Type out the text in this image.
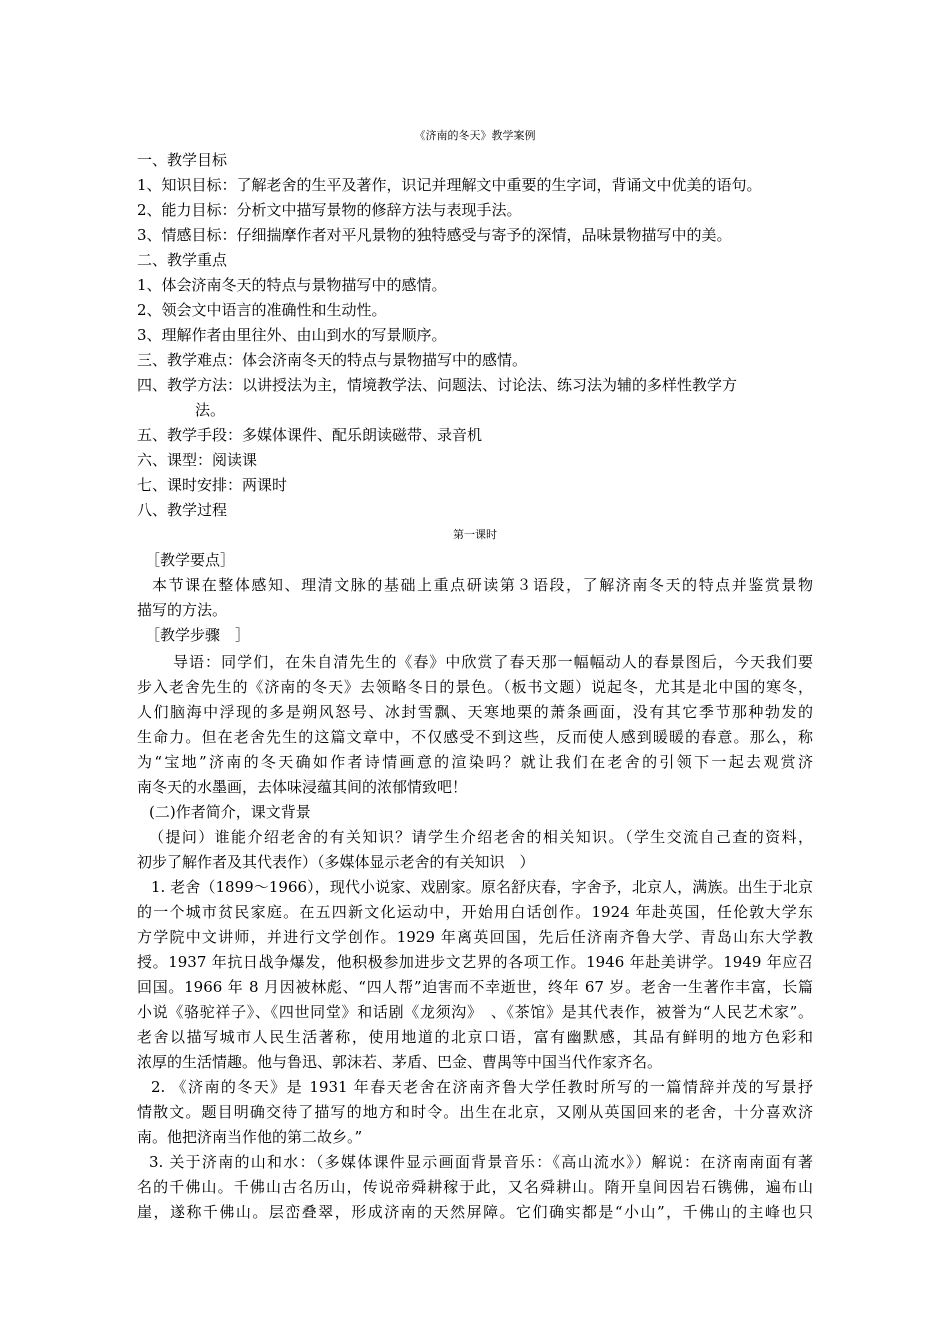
《济南的冬天》教学案例
一、教学目标
1、知识目标：了解老舍的生平及著作，识记并理解文中重要的生字词，背诵文中优美的语句。
2、能力目标：分析文中描写景物的修辞方法与表现手法。
3、情感目标：仔细揣摩作者对平凡景物的独特感受与寄予的深情，品味景物描写中的美。
二、教学重点
1、体会济南冬天的特点与景物描写中的感情。
2、领会文中语言的准确性和生动性。
3、理解作者由里往外、由山到水的写景顺序。
三、教学难点：体会济南冬天的特点与景物描写中的感情。
四、教学方法：以讲授法为主，情境教学法、问题法、讨论法、练习法为辅的多样性教学方
法。
五、教学手段：多媒体课件、配乐朗读磁带、录音机
六、课型：阅读课
七、课时安排：两课时
八、教学过程
第一课时
［教学要点］
本节课在整体感知、理清文脉的基础上重点研读第３语段，了解济南冬天的特点并鉴赏景物
描写的方法。
［教学步骤　］
导语：同学们，在朱自清先生的《春》中欣赏了春天那一幅幅动人的春景图后，今天我们要
步入老舍先生的《济南的冬天》去领略冬日的景色。（板书文题）说起冬，尤其是北中国的寒冬，
人们脑海中浮现的多是朔风怒号、冰封雪飘、天寒地栗的萧条画面，没有其它季节那种勃发的
生命力。但在老舍先生的这篇文章中，不仅感受不到这些，反而使人感到暖暖的春意。那么，称
为“宝地”济南的冬天确如作者诗情画意的渲染吗？就让我们在老舍的引领下一起去观赏济
南冬天的水墨画，去体味浸蕴其间的浓郁情致吧！
(二)作者简介，课文背景
（提问）谁能介绍老舍的有关知识？请学生介绍老舍的相关知识。（学生交流自己查的资料，
初步了解作者及其代表作）（多媒体显示老舍的有关知识　）
1. 老舍（1899～1966），现代小说家、戏剧家。原名舒庆春，字舍予，北京人，满族。出生于北京
的一个城市贫民家庭。在五四新文化运动中，开始用白话创作。1924 年赴英国，任伦敦大学东
方学院中文讲师，并进行文学创作。1929 年离英回国，先后任济南齐鲁大学、青岛山东大学教
授。1937 年抗日战争爆发，他积极参加进步文艺界的各项工作。1946 年赴美讲学。1949 年应召
回国。1966 年 8 月因被林彪、“四人帮”迫害而不幸逝世，终年 67 岁。老舍一生著作丰富，长篇
小说《骆驼祥子》、《四世同堂》和话剧《龙须沟》　、《茶馆》是其代表作，被誉为“人民艺术家”。
老舍以描写城市人民生活著称，使用地道的北京口语，富有幽默感，其品有鲜明的地方色彩和
浓厚的生活情趣。他与鲁迅、郭沫若、茅盾、巴金、曹禺等中国当代作家齐名。
2. 《济南的冬天》是 1931 年春天老舍在济南齐鲁大学任教时所写的一篇情辞并茂的写景抒
情散文。题目明确交待了描写的地方和时令。出生在北京，又刚从英国回来的老舍，十分喜欢济
南。他把济南当作他的第二故乡。”
3. 关于济南的山和水：（多媒体课件显示画面背景音乐：《高山流水》）解说：在济南南面有著
名的千佛山。千佛山古名历山，传说帝舜耕稼于此，又名舜耕山。隋开皇间因岩石镌佛，遍布山
崖，遂称千佛山。层峦叠翠，形成济南的天然屏障。它们确实都是“小山”，千佛山的主峰也只
